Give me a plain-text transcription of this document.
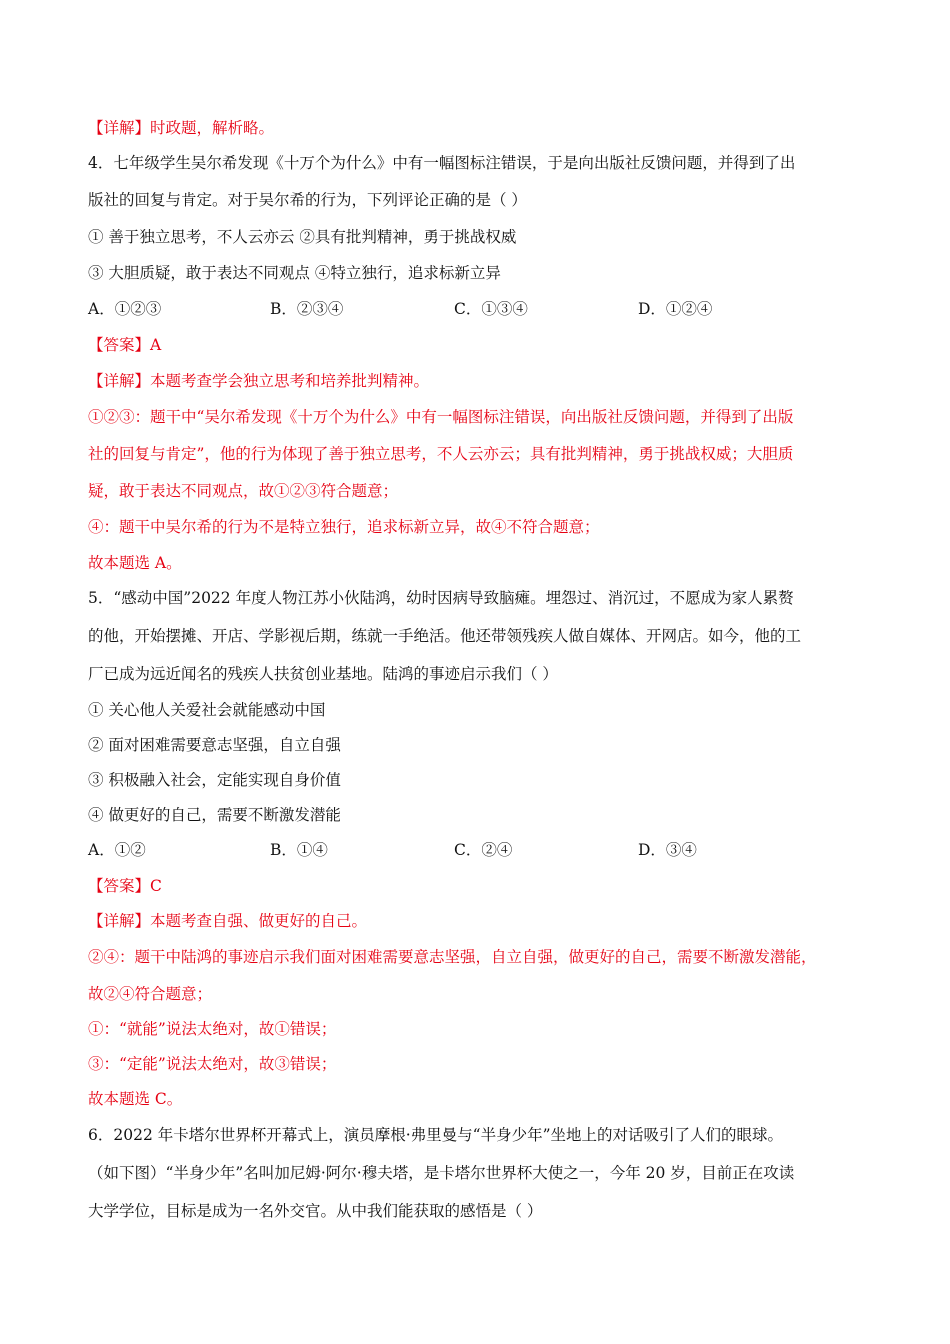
【详解】时政题，解析略。
4．七年级学生吴尔希发现《十万个为什么》中有一幅图标注错误，于是向出版社反馈问题，并得到了出
版社的回复与肯定。对于吴尔希的行为，下列评论正确的是（ ）
① 善于独立思考，不人云亦云 ②具有批判精神，勇于挑战权威
③ 大胆质疑，敢于表达不同观点 ④特立独行，追求标新立异
A．①②③	B．②③④	C．①③④	D．①②④
【答案】A
【详解】本题考查学会独立思考和培养批判精神。
①②③：题干中“吴尔希发现《十万个为什么》中有一幅图标注错误，向出版社反馈问题，并得到了出版
社的回复与肯定”，他的行为体现了善于独立思考，不人云亦云；具有批判精神，勇于挑战权威；大胆质
疑，敢于表达不同观点，故①②③符合题意；
④：题干中吴尔希的行为不是特立独行，追求标新立异，故④不符合题意；
故本题选 A。
5．“感动中国”2022 年度人物江苏小伙陆鸿，幼时因病导致脑瘫。埋怨过、消沉过，不愿成为家人累赘
的他，开始摆摊、开店、学影视后期，练就一手绝活。他还带领残疾人做自媒体、开网店。如今，他的工
厂已成为远近闻名的残疾人扶贫创业基地。陆鸿的事迹启示我们（ ）
① 关心他人关爱社会就能感动中国
② 面对困难需要意志坚强，自立自强
③ 积极融入社会，定能实现自身价值
④ 做更好的自己，需要不断激发潜能
A．①②	B．①④	C．②④	D．③④
【答案】C
【详解】本题考查自强、做更好的自己。
②④：题干中陆鸿的事迹启示我们面对困难需要意志坚强，自立自强，做更好的自己，需要不断激发潜能，
故②④符合题意；
①：“就能”说法太绝对，故①错误；
③：“定能”说法太绝对，故③错误；
故本题选 C。
6．2022 年卡塔尔世界杯开幕式上，演员摩根·弗里曼与“半身少年”坐地上的对话吸引了人们的眼球。
（如下图）“半身少年”名叫加尼姆·阿尔·穆夫塔，是卡塔尔世界杯大使之一，今年 20 岁，目前正在攻读
大学学位，目标是成为一名外交官。从中我们能获取的感悟是（ ）
